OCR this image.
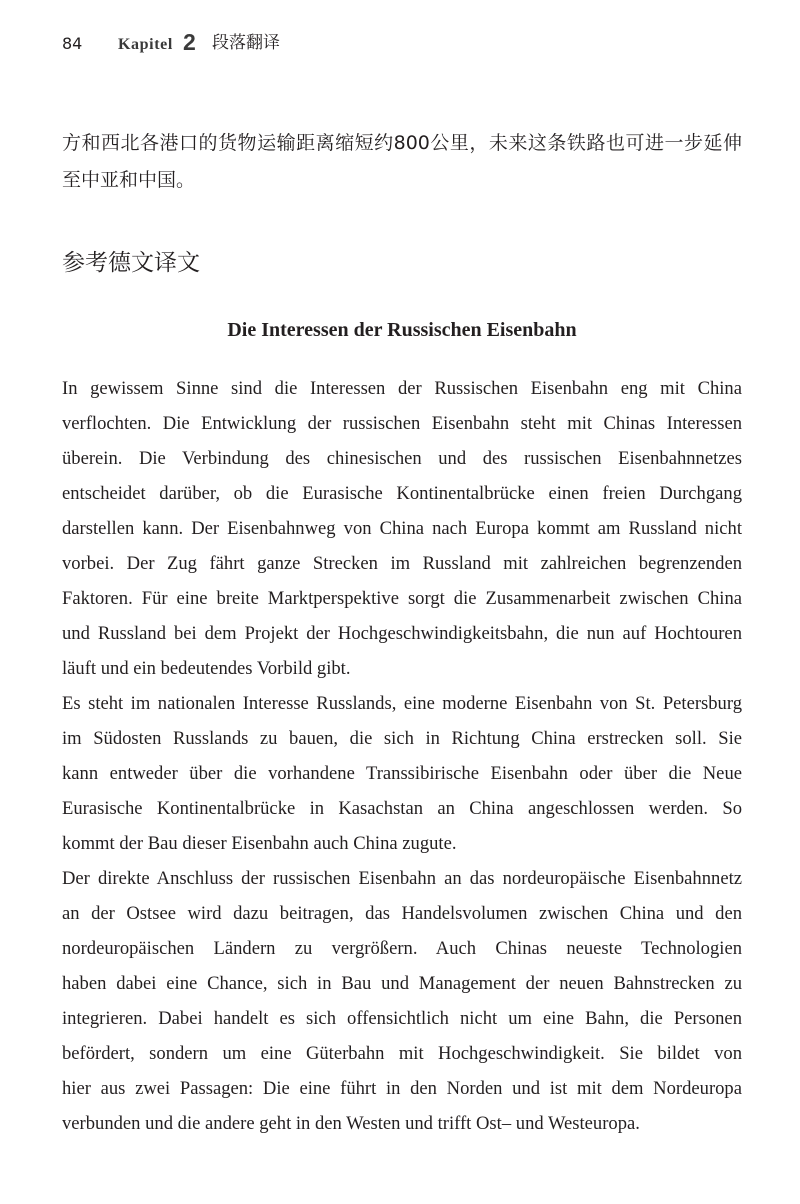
84 Kapitel 2 段落翻译
方和西北各港口的货物运输距离缩短约800公里，未来这条铁路也可进一步延伸
至中亚和中国。
参考德文译文
Die Interessen der Russischen Eisenbahn
In gewissem Sinne sind die Interessen der Russischen Eisenbahn eng mit China
verflochten. Die Entwicklung der russischen Eisenbahn steht mit Chinas Interessen
überein. Die Verbindung des chinesischen und des russischen Eisenbahnnetzes
entscheidet darüber, ob die Eurasische Kontinentalbrücke einen freien Durchgang
darstellen kann. Der Eisenbahnweg von China nach Europa kommt am Russland nicht
vorbei. Der Zug fährt ganze Strecken im Russland mit zahlreichen begrenzenden
Faktoren. Für eine breite Marktperspektive sorgt die Zusammenarbeit zwischen China
und Russland bei dem Projekt der Hochgeschwindigkeitsbahn, die nun auf Hochtouren
läuft und ein bedeutendes Vorbild gibt.
Es steht im nationalen Interesse Russlands, eine moderne Eisenbahn von St. Petersburg
im Südosten Russlands zu bauen, die sich in Richtung China erstrecken soll. Sie
kann entweder über die vorhandene Transsibirische Eisenbahn oder über die Neue
Eurasische Kontinentalbrücke in Kasachstan an China angeschlossen werden. So
kommt der Bau dieser Eisenbahn auch China zugute.
Der direkte Anschluss der russischen Eisenbahn an das nordeuropäische Eisenbahnnetz
an der Ostsee wird dazu beitragen, das Handelsvolumen zwischen China und den
nordeuropäischen Ländern zu vergrößern. Auch Chinas neueste Technologien
haben dabei eine Chance, sich in Bau und Management der neuen Bahnstrecken zu
integrieren. Dabei handelt es sich offensichtlich nicht um eine Bahn, die Personen
befördert, sondern um eine Güterbahn mit Hochgeschwindigkeit. Sie bildet von
hier aus zwei Passagen: Die eine führt in den Norden und ist mit dem Nordeuropa
verbunden und die andere geht in den Westen und trifft Ost– und Westeuropa.
